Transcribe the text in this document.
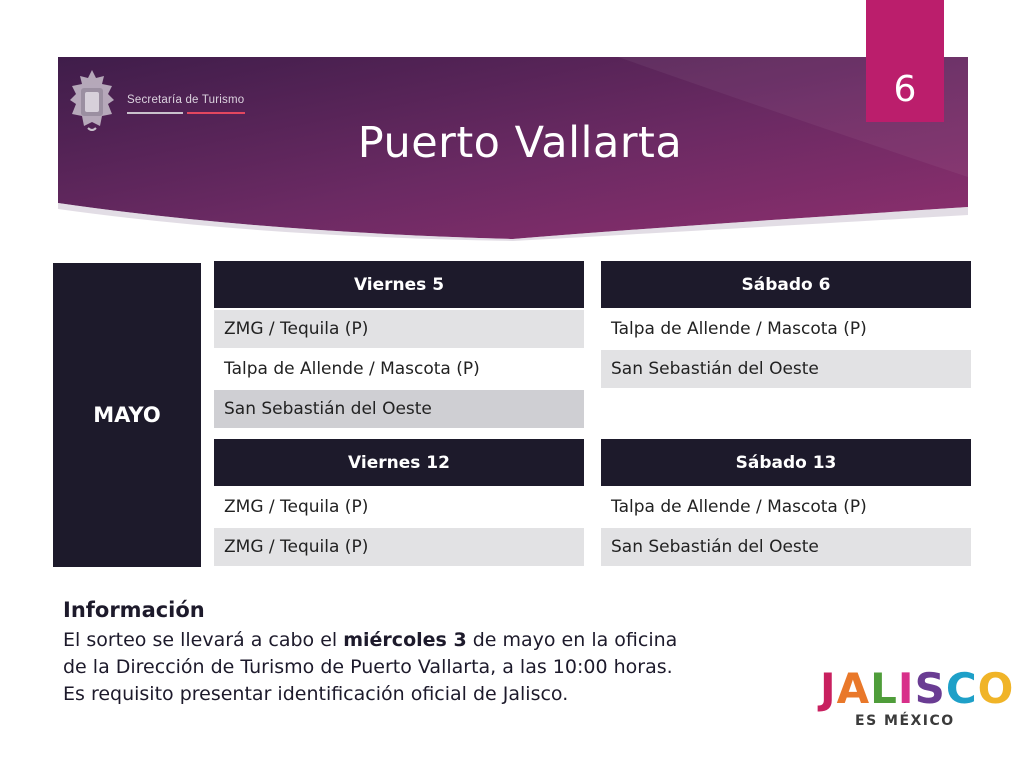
Secretaría de Turismo

Puerto Vallarta
6
MAYO
Viernes 5
ZMG / Tequila (P)
Talpa de Allende / Mascota (P)
San Sebastián del Oeste
Sábado 6
Talpa de Allende / Mascota (P)
San Sebastián del Oeste
Viernes 12
ZMG / Tequila (P)
ZMG / Tequila (P)
Sábado 13
Talpa de Allende / Mascota (P)
San Sebastián del Oeste
Información

El sorteo se llevará a cabo el miércoles 3 de mayo en la oficina

de la Dirección de Turismo de Puerto Vallarta, a las 10:00 horas.

Es requisito presentar identificación oficial de Jalisco.	JALISCO

ES MÉXICO
